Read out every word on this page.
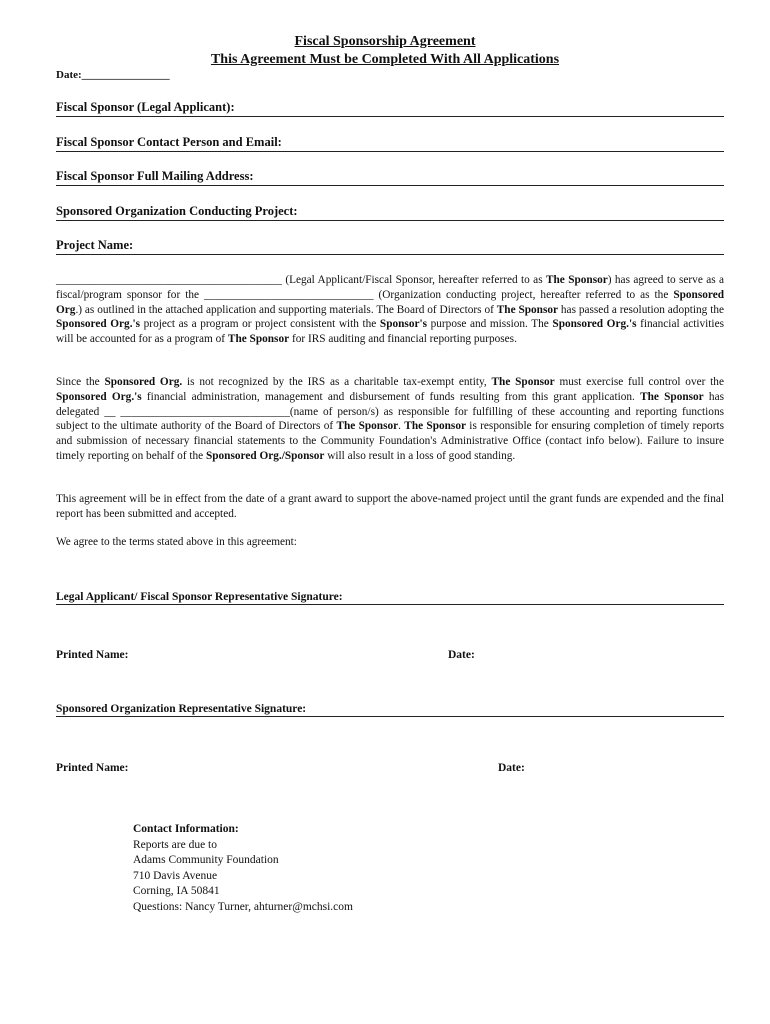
Fiscal Sponsorship Agreement
This Agreement Must be Completed With All Applications
Date:________________
Fiscal Sponsor (Legal Applicant):
Fiscal Sponsor Contact Person and Email:
Fiscal Sponsor Full Mailing Address:
Sponsored Organization Conducting Project:
Project Name:
________________________________________ (Legal Applicant/Fiscal Sponsor, hereafter referred to as The Sponsor) has agreed to serve as a fiscal/program sponsor for the ______________________________ (Organization conducting project, hereafter referred to as the Sponsored Org.) as outlined in the attached application and supporting materials. The Board of Directors of The Sponsor has passed a resolution adopting the Sponsored Org.'s project as a program or project consistent with the Sponsor's purpose and mission. The Sponsored Org.'s financial activities will be accounted for as a program of The Sponsor for IRS auditing and financial reporting purposes.
Since the Sponsored Org. is not recognized by the IRS as a charitable tax-exempt entity, The Sponsor must exercise full control over the Sponsored Org.'s financial administration, management and disbursement of funds resulting from this grant application. The Sponsor has delegated __ ______________________________(name of person/s) as responsible for fulfilling of these accounting and reporting functions subject to the ultimate authority of the Board of Directors of The Sponsor. The Sponsor is responsible for ensuring completion of timely reports and submission of necessary financial statements to the Community Foundation's Administrative Office (contact info below). Failure to insure timely reporting on behalf of the Sponsored Org./Sponsor will also result in a loss of good standing.
This agreement will be in effect from the date of a grant award to support the above-named project until the grant funds are expended and the final report has been submitted and accepted.
We agree to the terms stated above in this agreement:
Legal Applicant/ Fiscal Sponsor Representative Signature:
Printed Name:	Date:
Sponsored Organization Representative Signature:
Printed Name:	Date:
Contact Information:
Reports are due to
Adams Community Foundation
710 Davis Avenue
Corning, IA 50841
Questions: Nancy Turner, ahturner@mchsi.com
